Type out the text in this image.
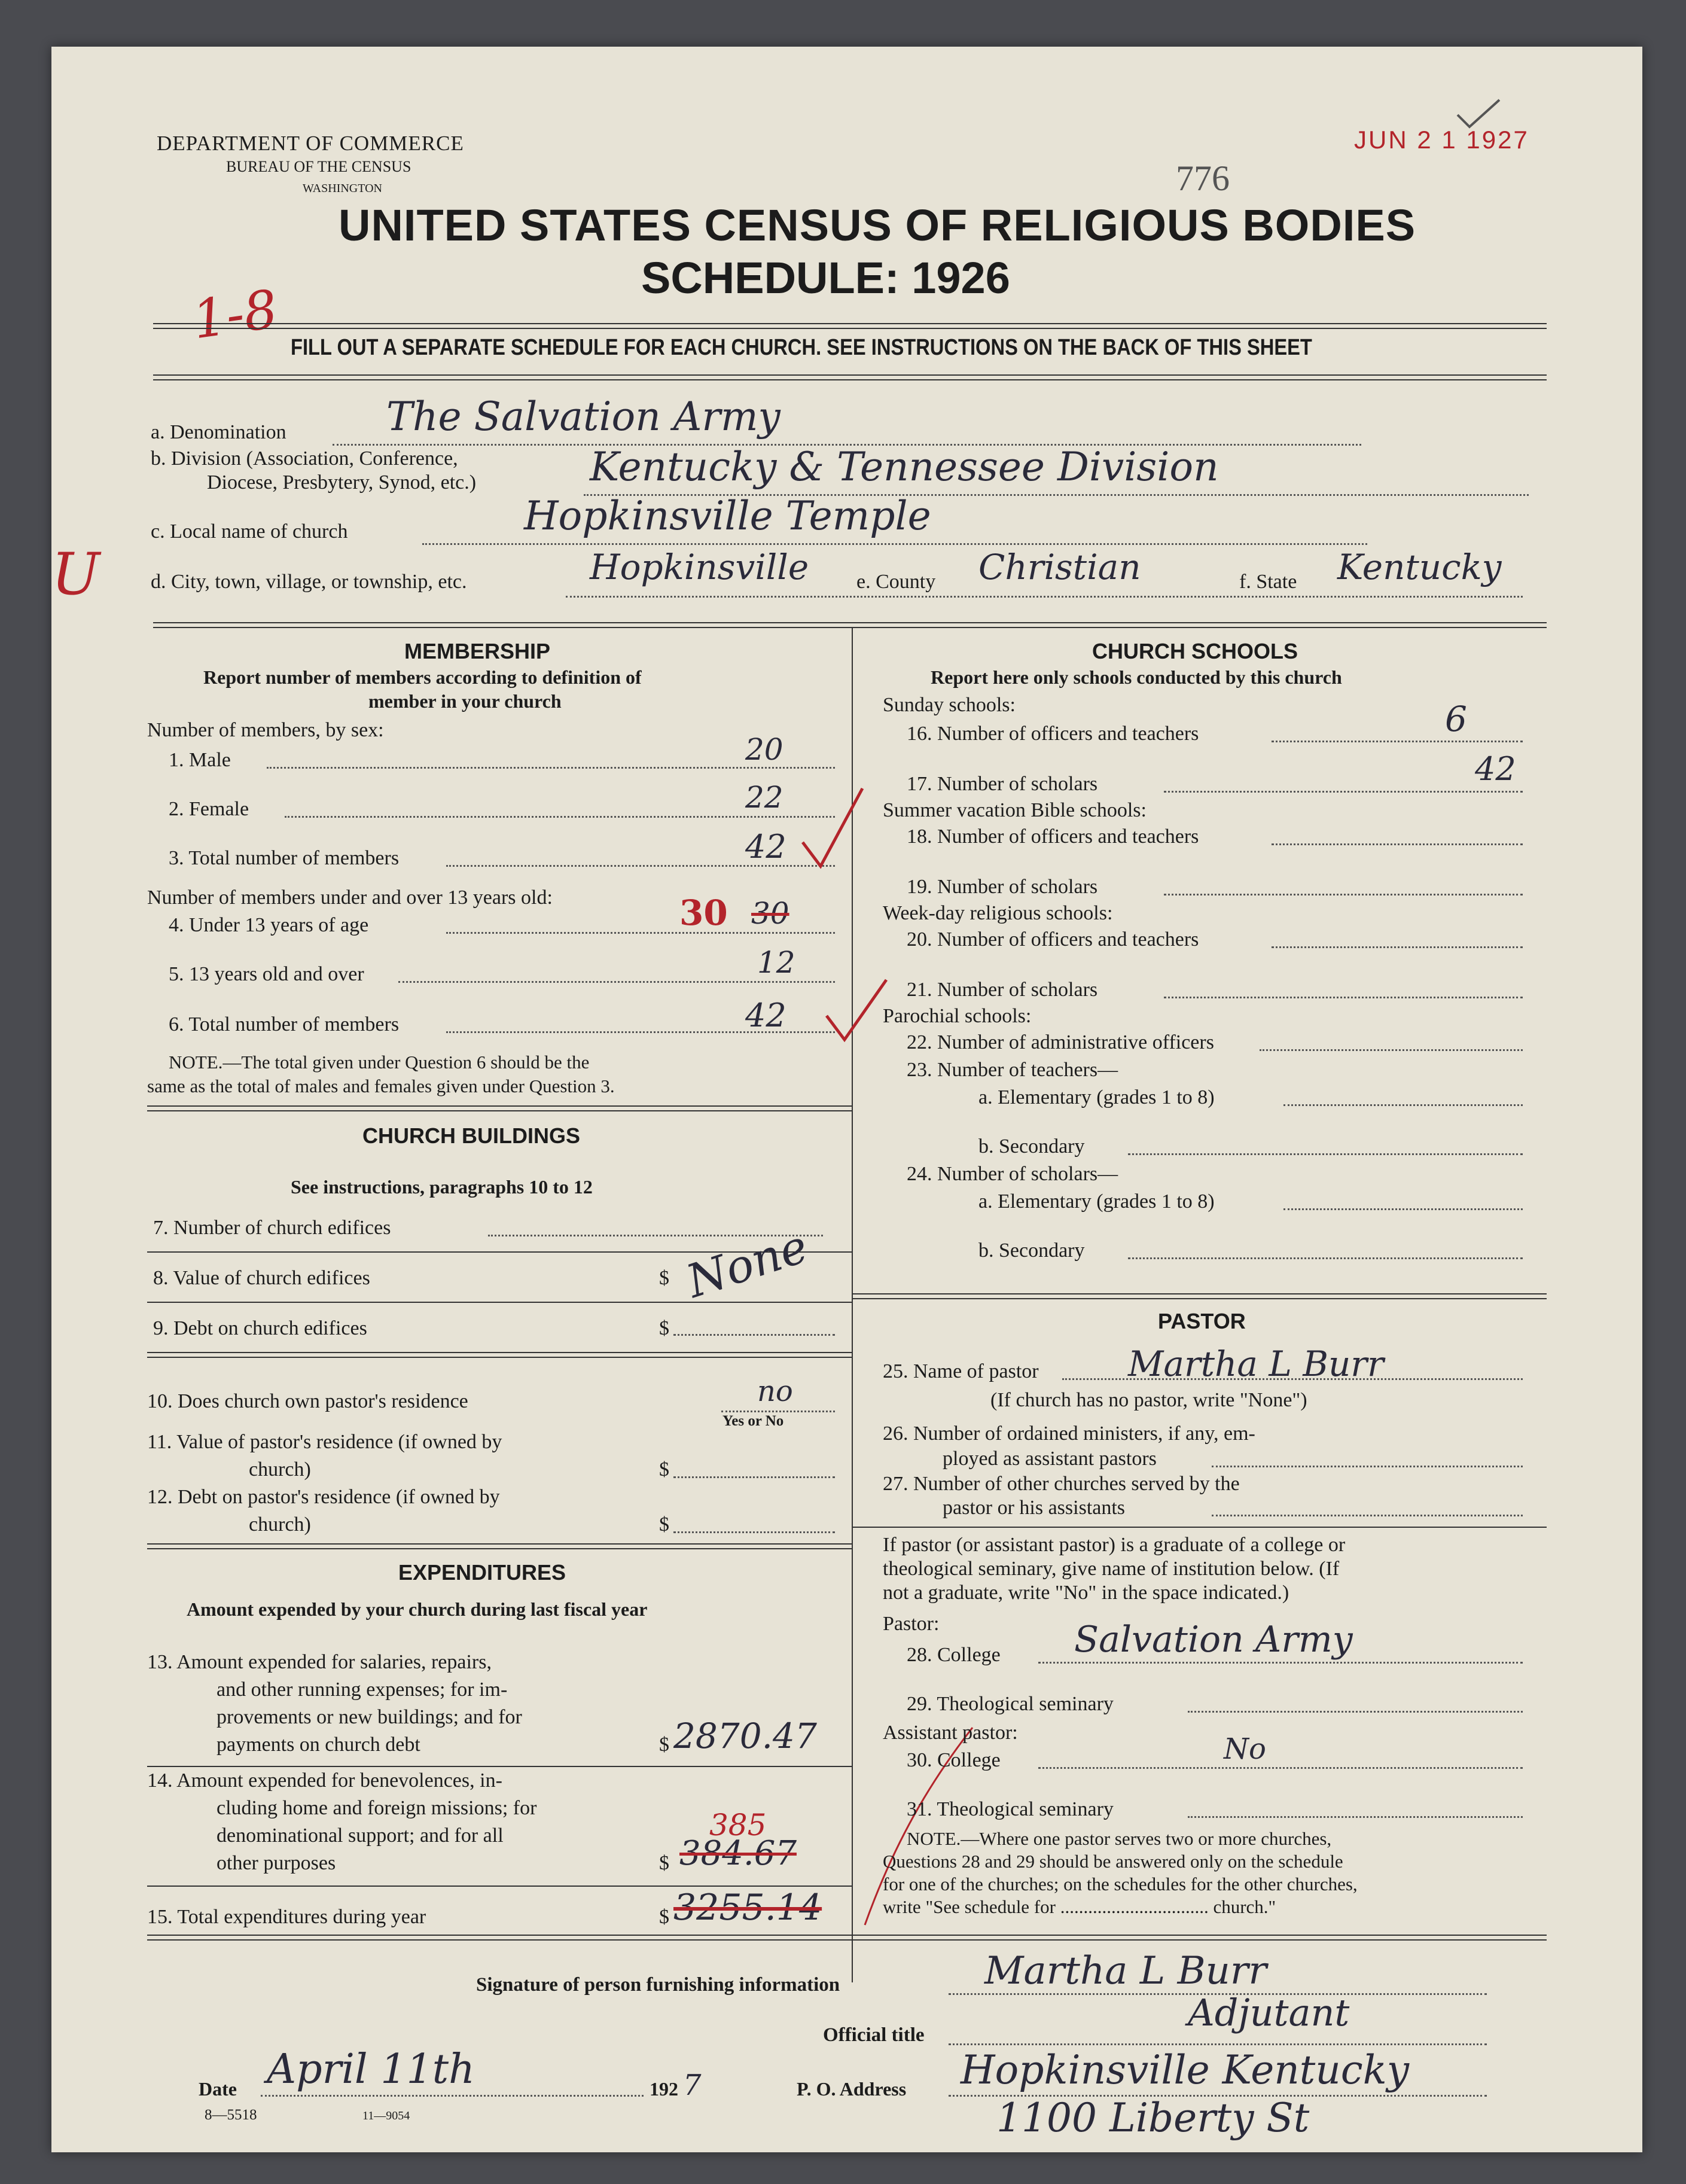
DEPARTMENT OF COMMERCE
BUREAU OF THE CENSUS
WASHINGTON
JUN 2 1 1927
776
UNITED STATES CENSUS OF RELIGIOUS BODIES
SCHEDULE: 1926
1-8 FILL OUT A SEPARATE SCHEDULE FOR EACH CHURCH. SEE INSTRUCTIONS ON THE BACK OF THIS SHEET
a. Denomination	The Salvation Army
b. Division (Association, Conference,
Diocese, Presbytery, Synod, etc.)	Kentucky & Tennessee Division
c. Local name of church	Hopkinsville Temple
U	d. City, town, village, or township, etc.	Hopkinsville e. County Christian	f. State Kentucky
MEMBERSHIP
Report number of members according to definition of
member in your church
Number of members, by sex:
1. Male	20
2. Female	22
3. Total number of members	42
Number of members under and over 13 years old:
4. Under 13 years of age	30 30
5. 13 years old and over	12
6. Total number of members	42
NOTE.—The total given under Question 6 should be the
same as the total of males and females given under Question 3.
CHURCH BUILDINGS
See instructions, paragraphs 10 to 12
7. Number of church edifices
8. Value of church edifices	$ None
9. Debt on church edifices	$
10. Does church own pastor's residence	no
Yes or No
11. Value of pastor's residence (if owned by
church)	$
12. Debt on pastor's residence (if owned by
church)	$
EXPENDITURES
Amount expended by your church during last fiscal year
13. Amount expended for salaries, repairs,
and other running expenses; for im-
provements or new buildings; and for
payments on church debt	$ 2870.47
14. Amount expended for benevolences, in-
cluding home and foreign missions; for
denominational support; and for all
other purposes	$
385
384.67
15. Total expenditures during year	$ 3255.14
CHURCH SCHOOLS
Report here only schools conducted by this church
Sunday schools:
16. Number of officers and teachers	6
17. Number of scholars	42
Summer vacation Bible schools:
18. Number of officers and teachers
19. Number of scholars
Week-day religious schools:
20. Number of officers and teachers
21. Number of scholars
Parochial schools:
22. Number of administrative officers
23. Number of teachers—
a. Elementary (grades 1 to 8)
b. Secondary
24. Number of scholars—
a. Elementary (grades 1 to 8)
b. Secondary
PASTOR
25. Name of pastor	Martha L Burr
(If church has no pastor, write "None")
26. Number of ordained ministers, if any, em-
ployed as assistant pastors
27. Number of other churches served by the
pastor or his assistants
If pastor (or assistant pastor) is a graduate of a college or
theological seminary, give name of institution below. (If
not a graduate, write "No" in the space indicated.)
Pastor:
28. College Salvation Army
29. Theological seminary
Assistant pastor:
30. College	No
31. Theological seminary
NOTE.—Where one pastor serves two or more churches,
Questions 28 and 29 should be answered only on the schedule
for one of the churches; on the schedules for the other churches,
write "See schedule for ................................ church."
Signature of person furnishing information	Martha L Burr
Official title
Adjutant
Date April 11th	192 7	P. O. Address Hopkinsville Kentucky
1100 Liberty St
8—5518	11—9054
